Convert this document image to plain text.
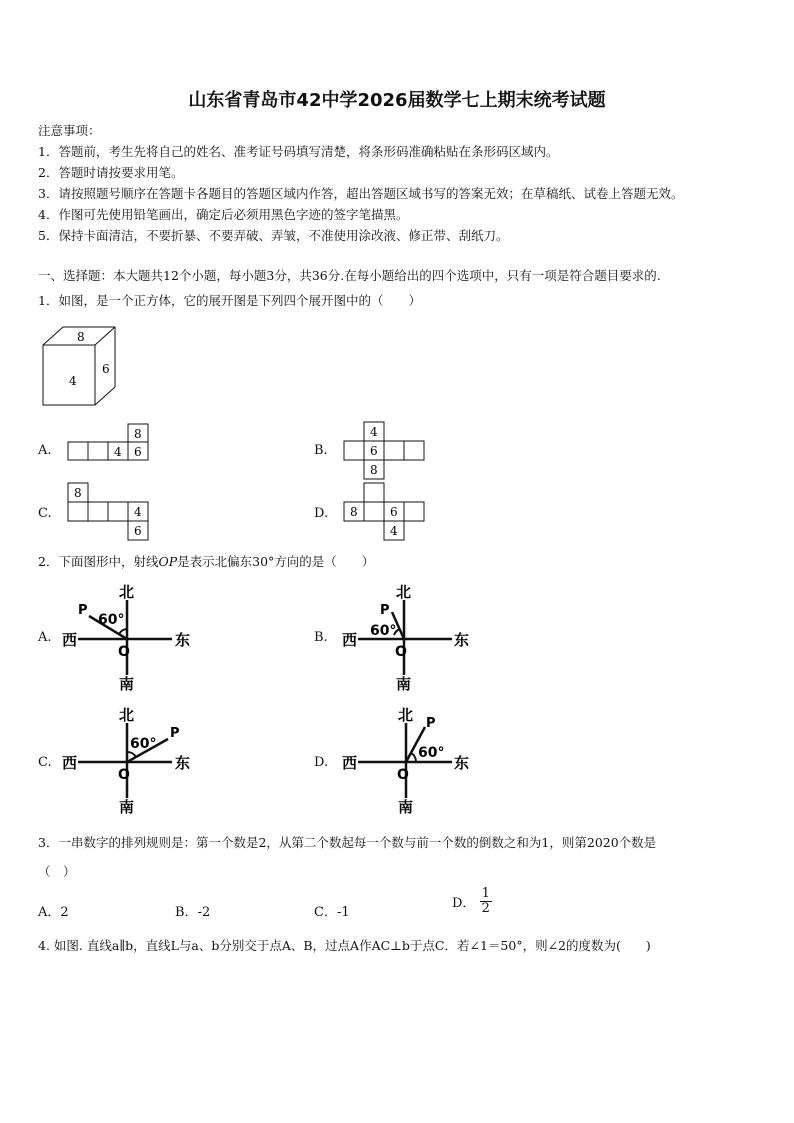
山东省青岛市42中学2026届数学七上期末统考试题
注意事项：
1．答题前，考生先将自己的姓名、准考证号码填写清楚，将条形码准确粘贴在条形码区域内。
2．答题时请按要求用笔。
3．请按照题号顺序在答题卡各题目的答题区域内作答，超出答题区域书写的答案无效；在草稿纸、试卷上答题无效。
4．作图可先使用铅笔画出，确定后必须用黑色字迹的签字笔描黑。
5．保持卡面清洁，不要折暴、不要弄破、弄皱，不准使用涂改液、修正带、刮纸刀。
一、选择题：本大题共12个小题，每小题3分，共36分.在每小题给出的四个选项中，只有一项是符合题目要求的.
1．如图，是一个正方体，它的展开图是下列四个展开图中的（　　）
8
4
6
A.
8
4 6	B.
4
6
8
C.
8
4
6
D. 8	6
4
2．下面图形中，射线OP是表示北偏东30°方向的是（　　）
A.
北
南
西	东
O
P
60°
B.
北
南
西	东
O
P
60°
C.
北
南
西	东
O
P
60°
D.
北
南
西	东
O
P
60°
3．一串数字的排列规则是：第一个数是2，从第二个数起每一个数与前一个数的倒数之和为1，则第2020个数是
（　）
A．2	B．-2	C．-1
D． $\frac{1}{2}$
4. 如图. 直线a∥b，直线L与a、b分别交于点A、B，过点A作AC⊥b于点C．若∠1＝50°，则∠2的度数为(　　)
